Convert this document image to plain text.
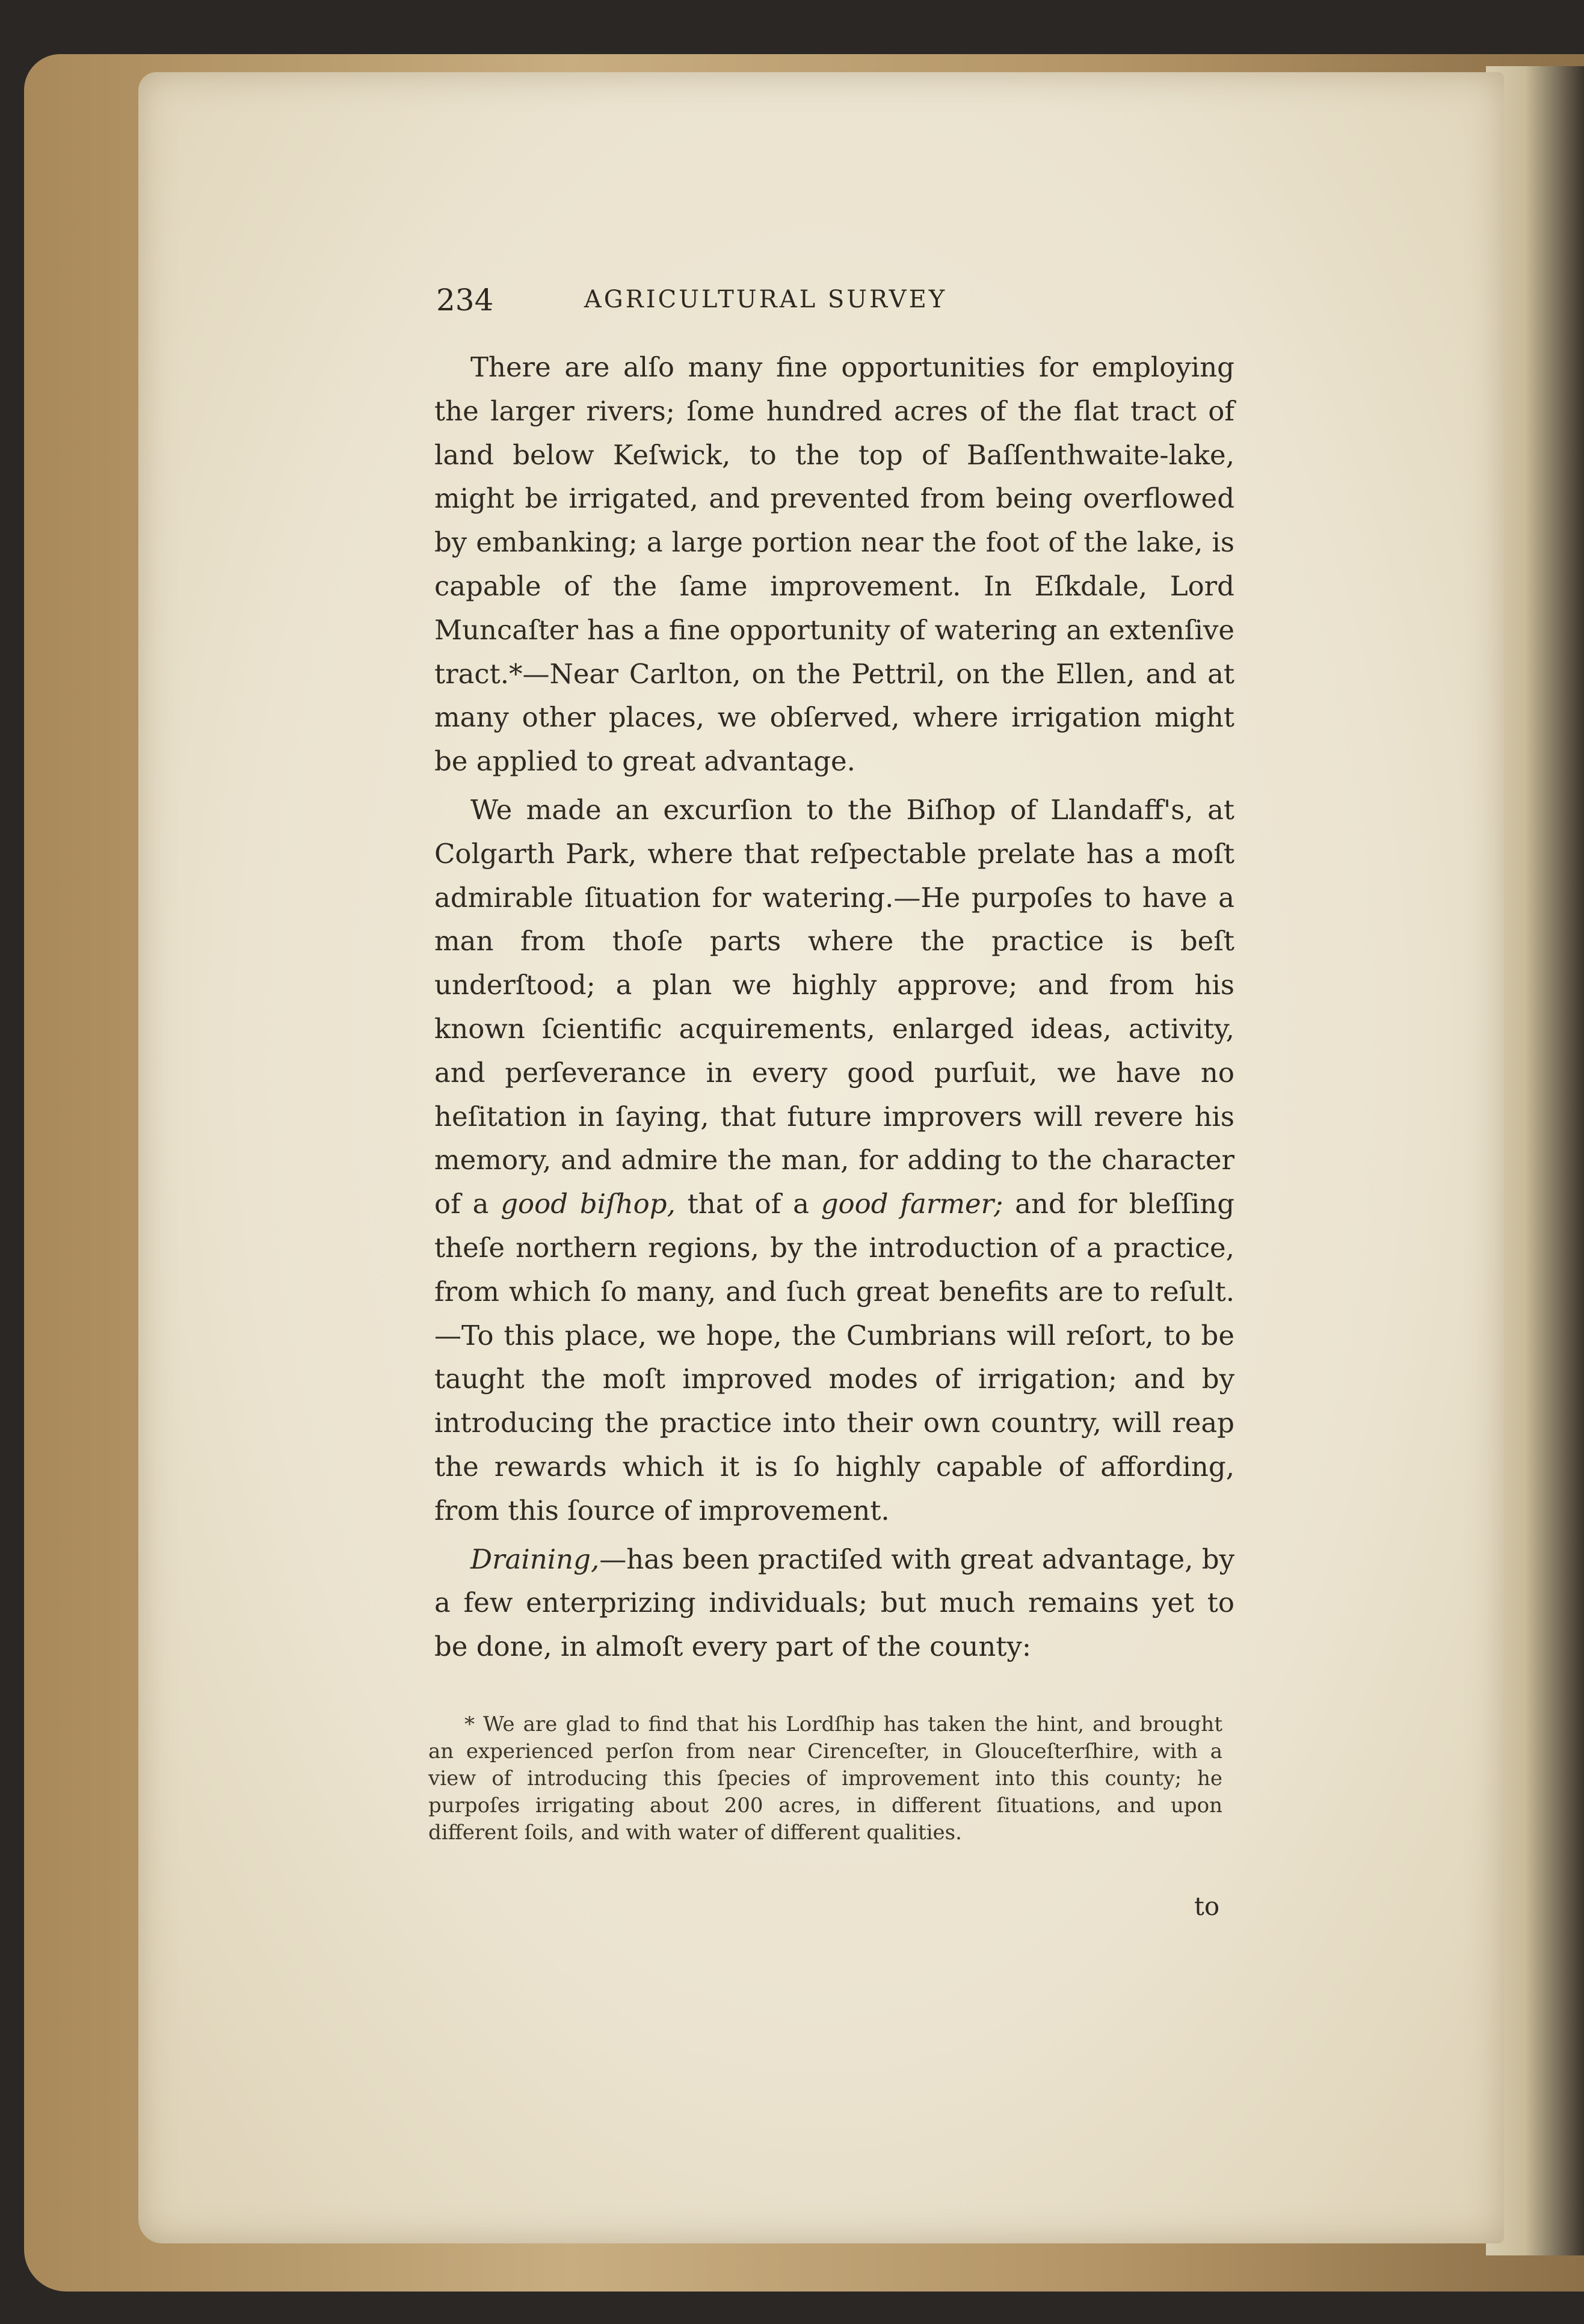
234	AGRICULTURAL SURVEY

There are alſo many fine opportunities for employing the larger rivers; ſome hundred acres of the flat tract of land below Keſwick, to the top of Baſſenthwaite-lake, might be irrigated, and prevented from being overflowed by embanking; a large portion near the foot of the lake, is capable of the ſame improvement. In Eſkdale, Lord Muncaſter has a fine opportunity of watering an extenſive tract.*—Near Carlton, on the Pettril, on the Ellen, and at many other places, we obſerved, where irrigation might be applied to great advantage.

We made an excurſion to the Biſhop of Llandaff's, at Colgarth Park, where that reſpectable prelate has a moſt admirable ſituation for watering.—He purpoſes to have a man from thoſe parts where the practice is beſt underſtood; a plan we highly approve; and from his known ſcientific acquirements, enlarged ideas, activity, and perſeverance in every good purſuit, we have no heſitation in ſaying, that future improvers will revere his memory, and admire the man, for adding to the character of a good biſhop, that of a good farmer; and for bleſſing theſe northern regions, by the introduction of a practice, from which ſo many, and ſuch great benefits are to reſult.—To this place, we hope, the Cumbrians will reſort, to be taught the moſt improved modes of irrigation; and by introducing the practice into their own country, will reap the rewards which it is ſo highly capable of affording, from this ſource of improvement.

Draining,—has been practiſed with great advantage, by a few enterprizing individuals; but much remains yet to be done, in almoſt every part of the county:

* We are glad to find that his Lordſhip has taken the hint, and brought an experienced perſon from near Cirenceſter, in Glouceſterſhire, with a view of introducing this ſpecies of improvement into this county; he purpoſes irrigating about 200 acres, in different ſituations, and upon different ſoils, and with water of different qualities.

to
